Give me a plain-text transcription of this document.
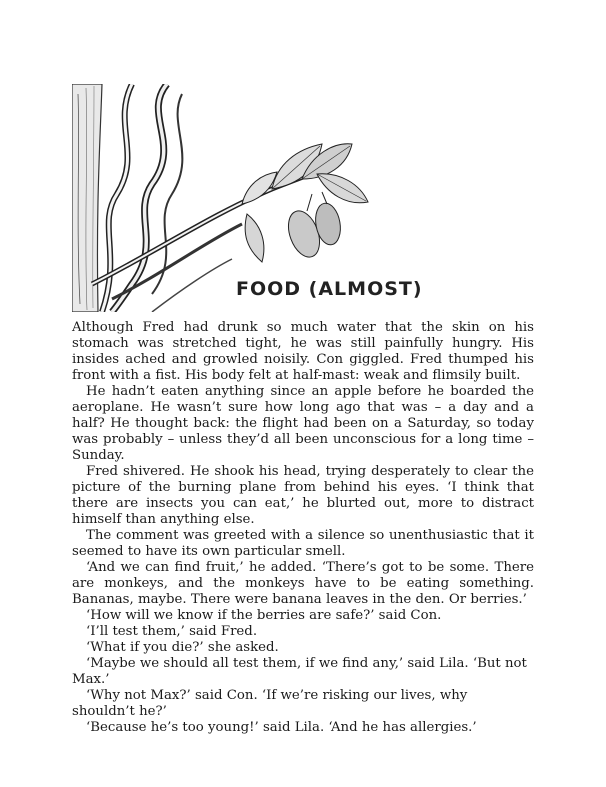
FOOD (ALMOST)

Although Fred had drunk so much water that the skin on his stomach was stretched tight, he was still painfully hungry. His insides ached and growled noisily. Con giggled. Fred thumped his front with a fist. His body felt at half-mast: weak and flimsily built.

He hadn’t eaten anything since an apple before he boarded the aeroplane. He wasn’t sure how long ago that was – a day and a half? He thought back: the flight had been on a Saturday, so today was probably – unless they’d all been unconscious for a long time – Sunday.

Fred shivered. He shook his head, trying desperately to clear the picture of the burning plane from behind his eyes. ‘I think that there are insects you can eat,’ he blurted out, more to distract himself than anything else.

The comment was greeted with a silence so unenthusiastic that it seemed to have its own particular smell.

‘And we can find fruit,’ he added. ‘There’s got to be some. There are monkeys, and the monkeys have to be eating something. Bananas, maybe. There were banana leaves in the den. Or berries.’

‘How will we know if the berries are safe?’ said Con.

‘I’ll test them,’ said Fred.

‘What if you die?’ she asked.

‘Maybe we should all test them, if we find any,’ said Lila. ‘But not Max.’

‘Why not Max?’ said Con. ‘If we’re risking our lives, why shouldn’t he?’

‘Because he’s too young!’ said Lila. ‘And he has allergies.’
